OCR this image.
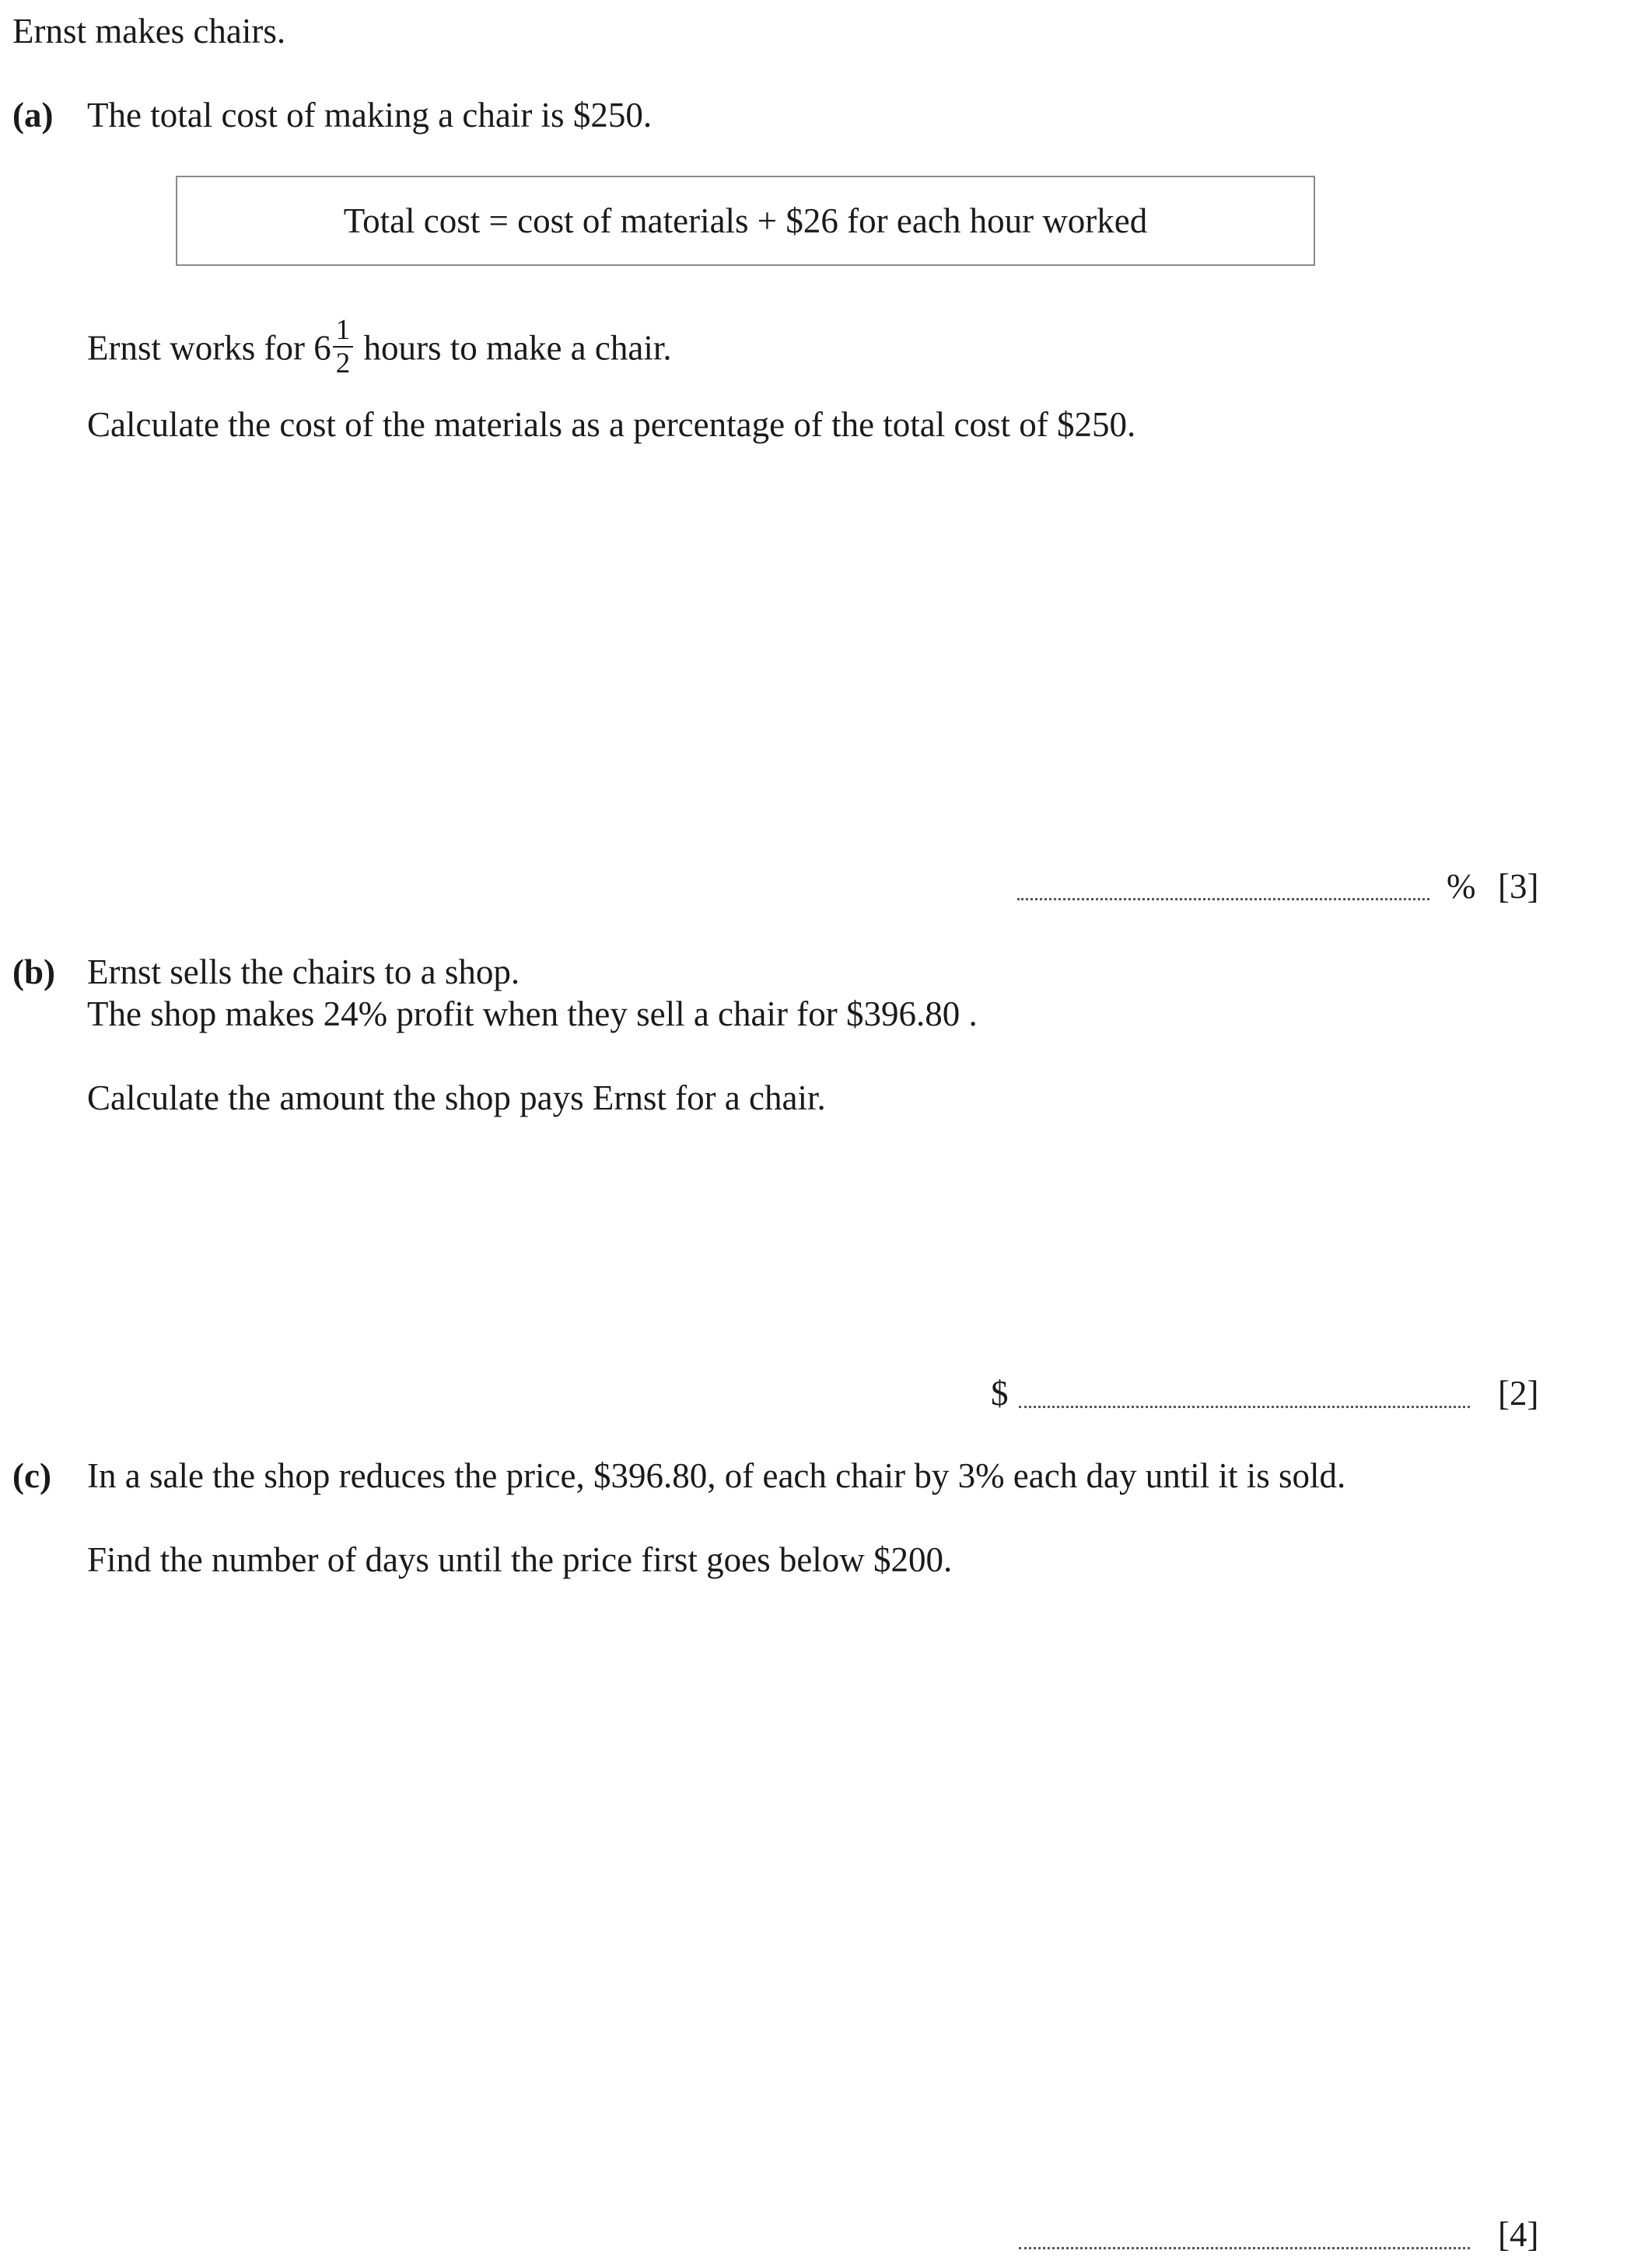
Ernst makes chairs.
(a) The total cost of making a chair is $250.
Total cost = cost of materials + $26 for each hour worked
Ernst works for $6 \frac{1}{2}$ hours to make a chair.
Calculate the cost of the materials as a percentage of the total cost of $250.
% [3]
(b) Ernst sells the chairs to a shop.
The shop makes 24% profit when they sell a chair for $396.80 .
Calculate the amount the shop pays Ernst for a chair.
$	[2]
(c) In a sale the shop reduces the price, $396.80, of each chair by 3% each day until it is sold.
Find the number of days until the price first goes below $200.
[4]
